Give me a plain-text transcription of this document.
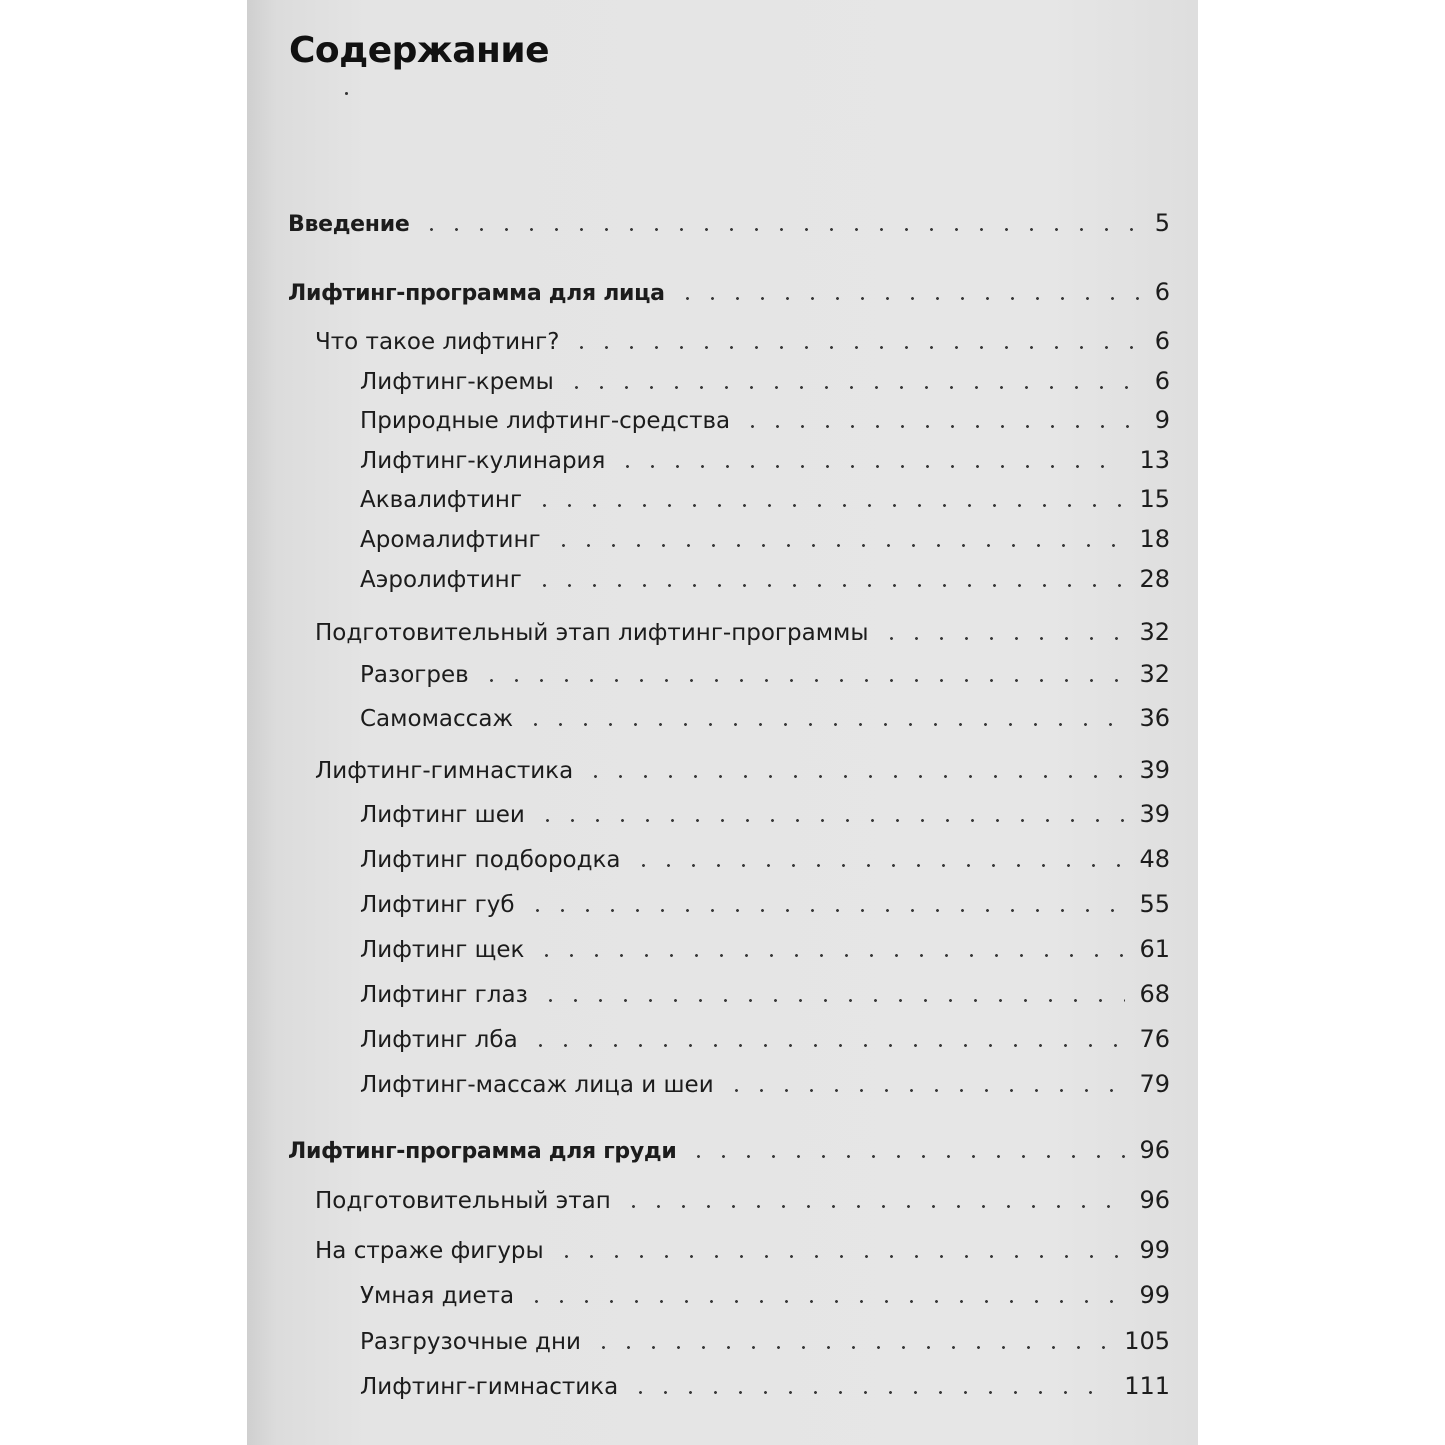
Содержание
Введение	5
Лифтинг-программа для лица	6
Что такое лифтинг?	6
Лифтинг-кремы	6
Природные лифтинг-средства	9
Лифтинг-кулинария	13
Аквалифтинг	15
Аромалифтинг	18
Аэролифтинг	28
Подготовительный этап лифтинг-программы	32
Разогрев	32
Самомассаж	36
Лифтинг-гимнастика	39
Лифтинг шеи	39
Лифтинг подбородка	48
Лифтинг губ	55
Лифтинг щек	61
Лифтинг глаз	68
Лифтинг лба	76
Лифтинг-массаж лица и шеи	79
Лифтинг-программа для груди	96
Подготовительный этап	96
На страже фигуры	99
Умная диета	99
Разгрузочные дни	105
Лифтинг-гимнастика	111
